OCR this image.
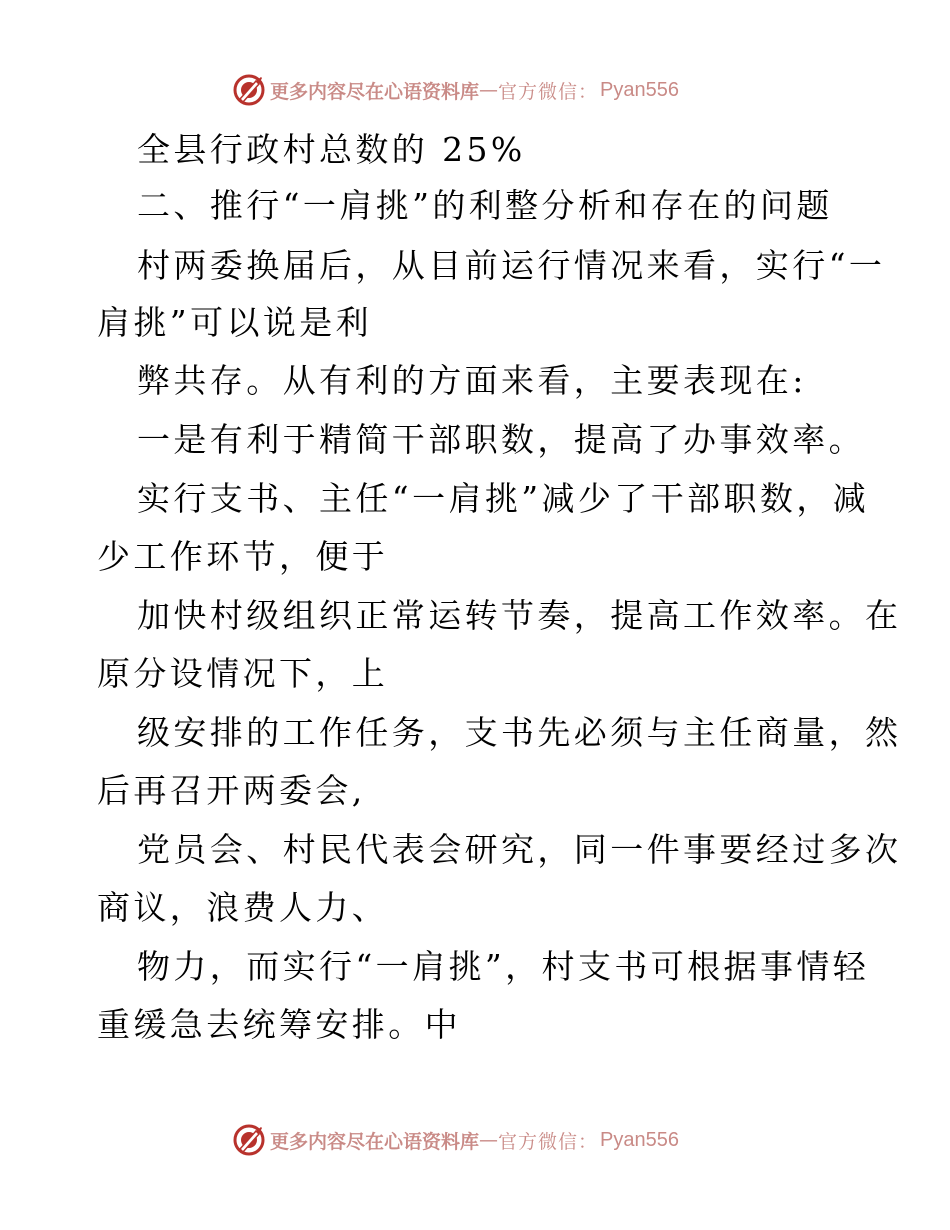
更多内容尽在心语资料库 — 官方微信： Pyan556
全县行政村总数的 25%
二、推行“一肩挑”的利整分析和存在的问题
村两委换届后，从目前运行情况来看，实行“一
肩挑”可以说是利
弊共存。从有利的方面来看，主要表现在:
一是有利于精简干部职数，提高了办事效率。
实行支书、主任“一肩挑”减少了干部职数，减
少工作环节，便于
加快村级组织正常运转节奏，提高工作效率。在
原分设情况下，上
级安排的工作任务，支书先必须与主任商量，然
后再召开两委会,
党员会、村民代表会研究，同一件事要经过多次
商议，浪费人力、
物力，而实行“一肩挑”，村支书可根据事情轻
重缓急去统筹安排。中
更多内容尽在心语资料库 — 官方微信： Pyan556
